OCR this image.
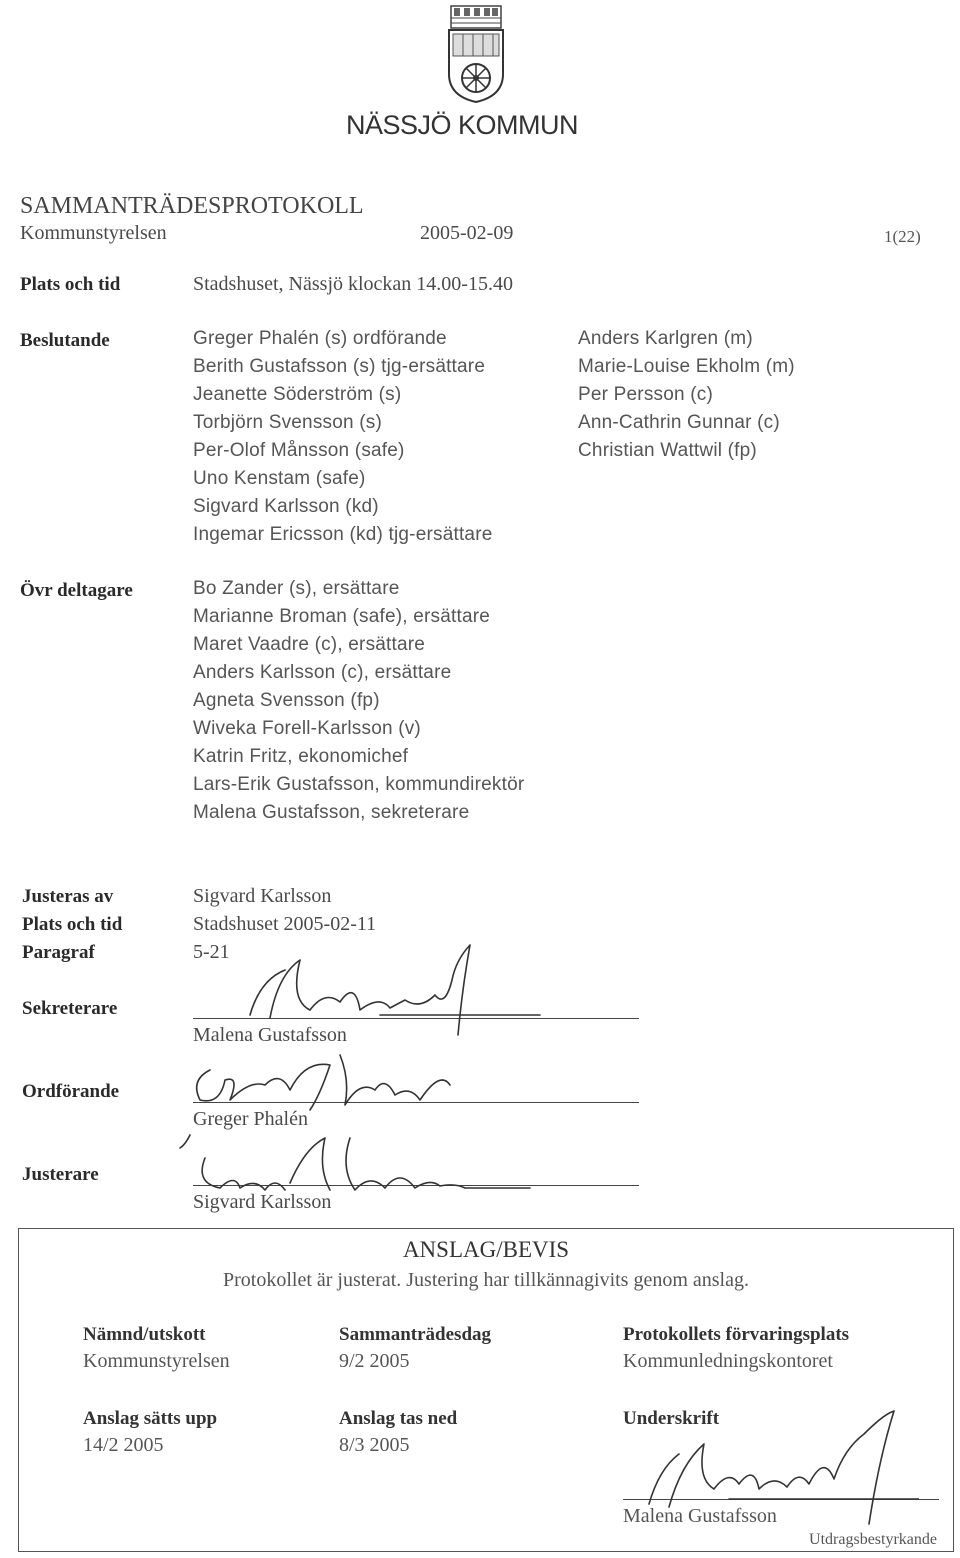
NÄSSJÖ KOMMUN
SAMMANTRÄDESPROTOKOLL
Kommunstyrelsen	2005-02-09	1(22)
Plats och tid	Stadshuset, Nässjö klockan 14.00-15.40
Beslutande	Greger Phalén (s) ordförande
Berith Gustafsson (s) tjg-ersättare
Jeanette Söderström (s)
Torbjörn Svensson (s)
Per-Olof Månsson (safe)
Uno Kenstam (safe)
Sigvard Karlsson (kd)
Ingemar Ericsson (kd) tjg-ersättare
Anders Karlgren (m)
Marie-Louise Ekholm (m)
Per Persson (c)
Ann-Cathrin Gunnar (c)
Christian Wattwil (fp)
Övr deltagare	Bo Zander (s), ersättare
Marianne Broman (safe), ersättare
Maret Vaadre (c), ersättare
Anders Karlsson (c), ersättare
Agneta Svensson (fp)
Wiveka Forell-Karlsson (v)
Katrin Fritz, ekonomichef
Lars-Erik Gustafsson, kommundirektör
Malena Gustafsson, sekreterare
Justeras av	Sigvard Karlsson
Plats och tid	Stadshuset 2005-02-11
Paragraf	5-21
Sekreterare
Malena Gustafsson
Ordförande
Greger Phalén
Justerare
Sigvard Karlsson
ANSLAG/BEVIS
Protokollet är justerat. Justering har tillkännagivits genom anslag.
Nämnd/utskott
Kommunstyrelsen
Sammanträdesdag
9/2 2005
Protokollets förvaringsplats
Kommunledningskontoret
Anslag sätts upp
14/2 2005
Anslag tas ned
8/3 2005
Underskrift
Malena Gustafsson
Utdragsbestyrkande
